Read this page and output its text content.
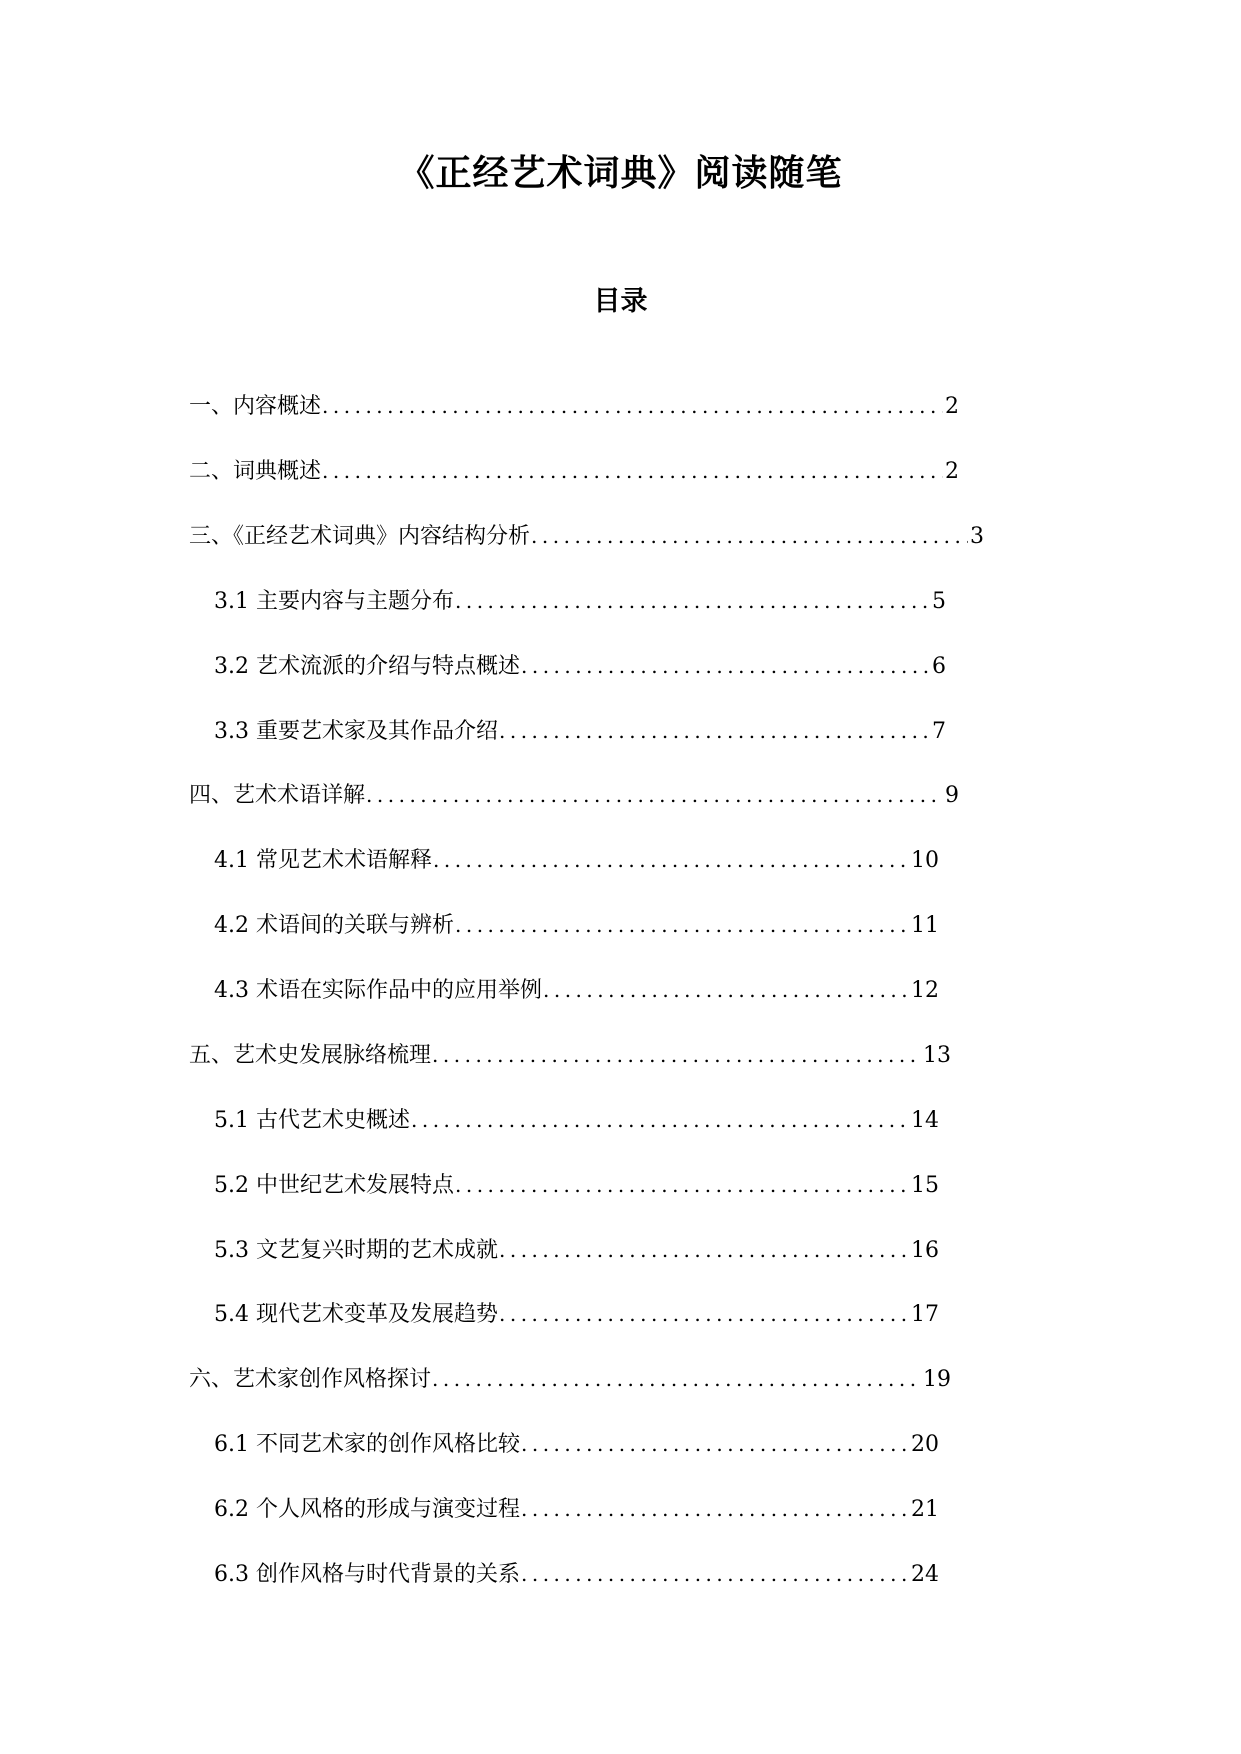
《正经艺术词典》阅读随笔
目录
一、内容概述 .....	2
二、词典概述 .....	2
三、《正经艺术词典》内容结构分析 .....	3
3.1 主要内容与主题分布 .....	5
3.2 艺术流派的介绍与特点概述 .....	6
3.3 重要艺术家及其作品介绍 .....	7
四、艺术术语详解 .....	9
4.1 常见艺术术语解释 .....	10
4.2 术语间的关联与辨析 .....	11
4.3 术语在实际作品中的应用举例 .....	12
五、艺术史发展脉络梳理 .....	13
5.1 古代艺术史概述 .....	14
5.2 中世纪艺术发展特点 .....	15
5.3 文艺复兴时期的艺术成就 .....	16
5.4 现代艺术变革及发展趋势 .....	17
六、艺术家创作风格探讨 .....	19
6.1 不同艺术家的创作风格比较 .....	20
6.2 个人风格的形成与演变过程 .....	21
6.3 创作风格与时代背景的关系 .....	24
